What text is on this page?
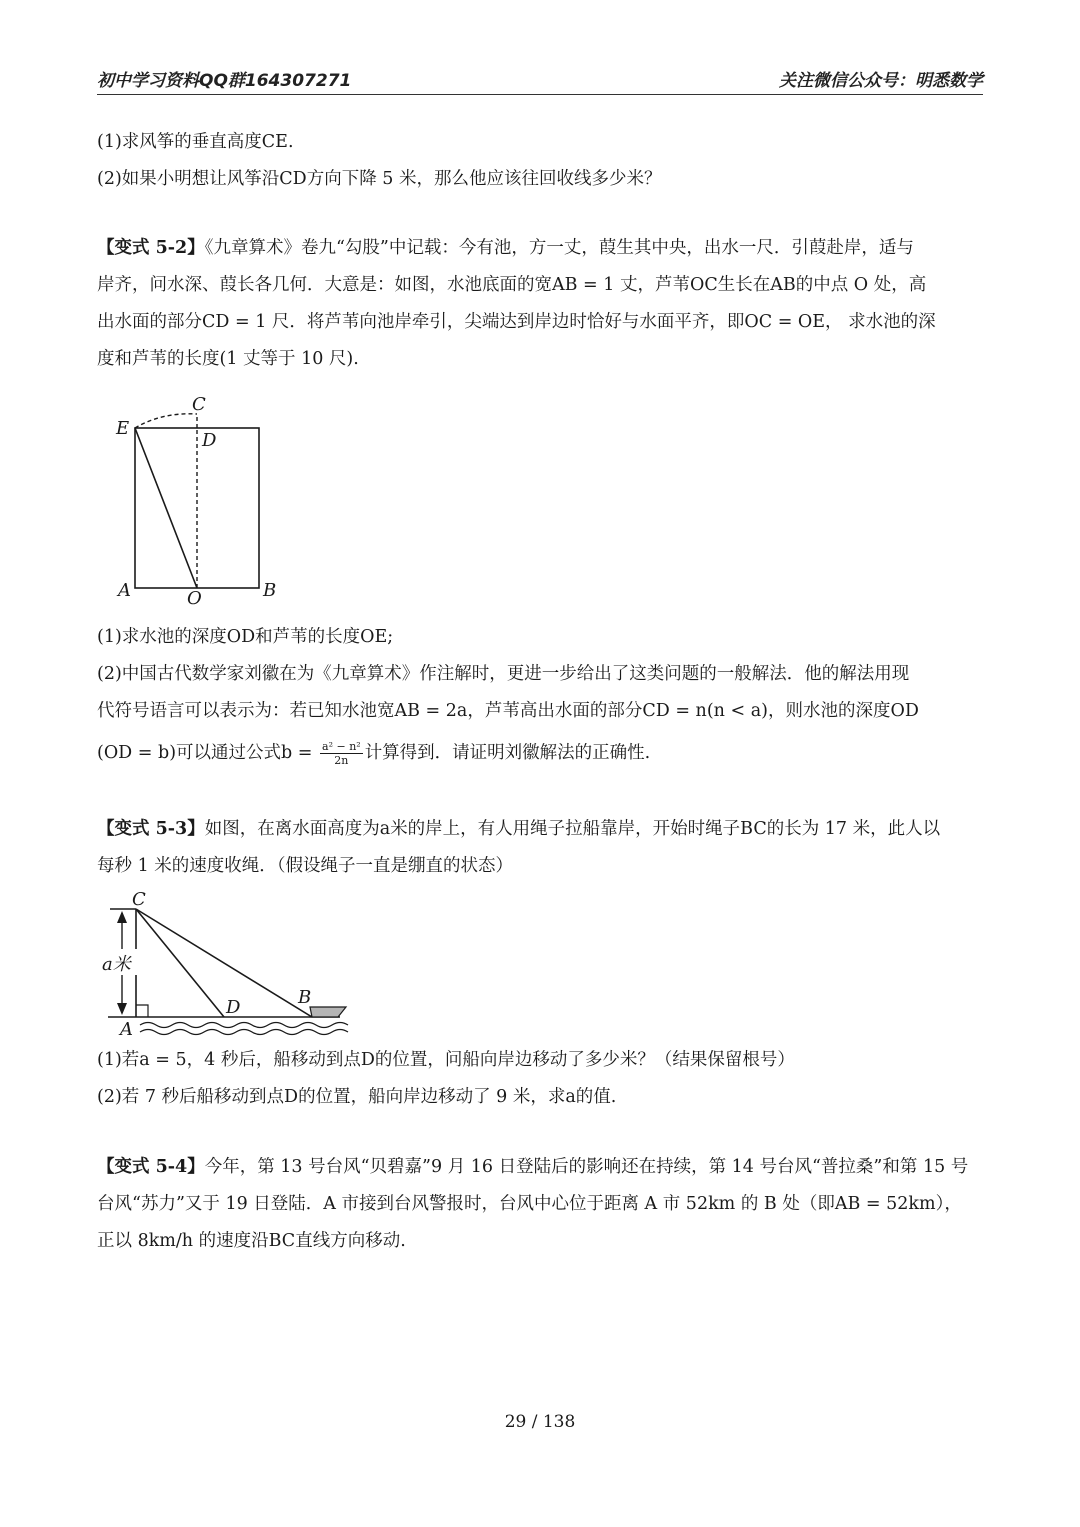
初中学习资料QQ群164307271	关注微信公众号：明悉数学
(1)求风筝的垂直高度CE.
(2)如果小明想让风筝沿CD方向下降 5 米，那么他应该往回收线多少米？
【变式 5-2】《九章算术》卷九“勾股”中记载：今有池，方一丈，葭生其中央，出水一尺．引葭赴岸，适与
岸齐，问水深、葭长各几何．大意是：如图，水池底面的宽AB = 1 丈，芦苇OC生长在AB的中点 O 处，高
出水面的部分CD = 1 尺．将芦苇向池岸牵引，尖端达到岸边时恰好与水面平齐，即OC = OE， 求水池的深
度和芦苇的长度(1 丈等于 10 尺).
C
D
E
A	O	B
(1)求水池的深度OD和芦苇的长度OE;
(2)中国古代数学家刘徽在为《九章算术》作注解时，更进一步给出了这类问题的一般解法．他的解法用现
代符号语言可以表示为：若已知水池宽AB = 2a，芦苇高出水面的部分CD = n(n < a)，则水池的深度OD
(OD = b)可以通过公式$b = \frac{\text{a² − n²}}{2n}$ 计算得到．请证明刘徽解法的正确性.
【变式 5-3】如图，在离水面高度为a米的岸上，有人用绳子拉船靠岸，开始时绳子BC的长为 17 米，此人以
每秒 1 米的速度收绳．（假设绳子一直是绷直的状态）
C
a米
A
D	B
(1)若a = 5，4 秒后，船移动到点D的位置，问船向岸边移动了多少米？（结果保留根号）
(2)若 7 秒后船移动到点D的位置，船向岸边移动了 9 米，求a的值.
【变式 5-4】今年，第 13 号台风“贝碧嘉”9 月 16 日登陆后的影响还在持续，第 14 号台风“普拉桑”和第 15 号
台风“苏力”又于 19 日登陆．A 市接到台风警报时，台风中心位于距离 A 市 52km 的 B 处（即AB = 52km），
正以 8km/h 的速度沿BC直线方向移动.
29 / 138
